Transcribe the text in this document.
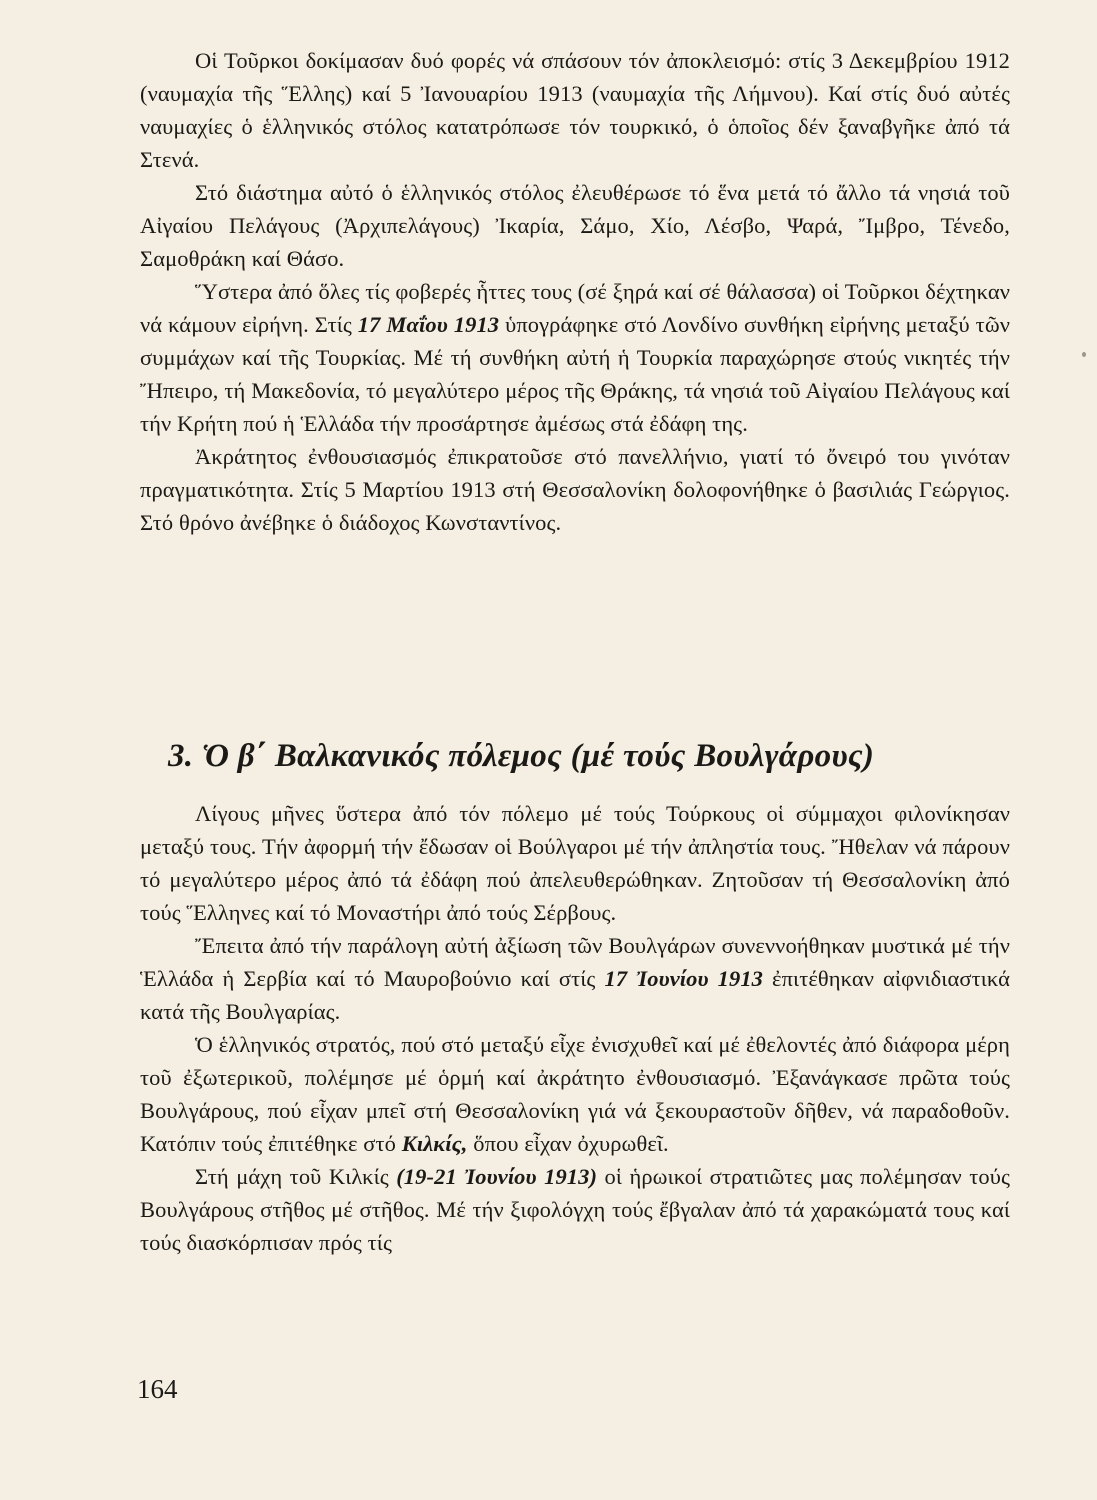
Οἱ Τοῦρκοι δοκίμασαν δυό φορές νά σπάσουν τόν ἀποκλεισμό: στίς 3 Δεκεμβρίου 1912 (ναυμαχία τῆς Ἕλλης) καί 5 Ἰανουαρίου 1913 (ναυμαχία τῆς Λήμνου). Καί στίς δυό αὐτές ναυμαχίες ὁ ἑλληνικός στόλος κατατρόπωσε τόν τουρκικό, ὁ ὁποῖος δέν ξαναβγῆκε ἀπό τά Στενά.

Στό διάστημα αὐτό ὁ ἑλληνικός στόλος ἐλευθέρωσε τό ἕνα μετά τό ἄλλο τά νησιά τοῦ Αἰγαίου Πελάγους (Ἀρχιπελάγους) Ἰκαρία, Σάμο, Χίο, Λέσβο, Ψαρά, Ἴμβρο, Τένεδο, Σαμοθράκη καί Θάσο.

Ὕστερα ἀπό ὅλες τίς φοβερές ἧττες τους (σέ ξηρά καί σέ θάλασσα) οἱ Τοῦρκοι δέχτηκαν νά κάμουν εἰρήνη. Στίς 17 Μαΐου 1913 ὑπογράφηκε στό Λονδίνο συνθήκη εἰρήνης μεταξύ τῶν συμμάχων καί τῆς Τουρκίας. Μέ τή συνθήκη αὐτή ἡ Τουρκία παραχώρησε στούς νικητές τήν Ἤπειρο, τή Μακεδονία, τό μεγαλύτερο μέρος τῆς Θράκης, τά νησιά τοῦ Αἰγαίου Πελάγους καί τήν Κρήτη πού ἡ Ἑλλάδα τήν προσάρτησε ἀμέσως στά ἐδάφη της.

Ἀκράτητος ἐνθουσιασμός ἐπικρατοῦσε στό πανελλήνιο, γιατί τό ὄνειρό του γινόταν πραγματικότητα. Στίς 5 Μαρτίου 1913 στή Θεσσαλονίκη δολοφονήθηκε ὁ βασιλιάς Γεώργιος. Στό θρόνο ἀνέβηκε ὁ διάδοχος Κωνσταντίνος.

3. Ὁ β΄ Βαλκανικός πόλεμος (μέ τούς Βουλγάρους)

Λίγους μῆνες ὕστερα ἀπό τόν πόλεμο μέ τούς Τούρκους οἱ σύμμαχοι φιλονίκησαν μεταξύ τους. Τήν ἀφορμή τήν ἔδωσαν οἱ Βούλγαροι μέ τήν ἀπληστία τους. Ἤθελαν νά πάρουν τό μεγαλύτερο μέρος ἀπό τά ἐδάφη πού ἀπελευθερώθηκαν. Ζητοῦσαν τή Θεσσαλονίκη ἀπό τούς Ἕλληνες καί τό Μοναστήρι ἀπό τούς Σέρβους.

Ἔπειτα ἀπό τήν παράλογη αὐτή ἀξίωση τῶν Βουλγάρων συνεννοήθηκαν μυστικά μέ τήν Ἑλλάδα ἡ Σερβία καί τό Μαυροβούνιο καί στίς 17 Ἰουνίου 1913 ἐπιτέθηκαν αἰφνιδιαστικά κατά τῆς Βουλγαρίας.

Ὁ ἑλληνικός στρατός, πού στό μεταξύ εἶχε ἐνισχυθεῖ καί μέ ἐθελοντές ἀπό διάφορα μέρη τοῦ ἐξωτερικοῦ, πολέμησε μέ ὁρμή καί ἀκράτητο ἐνθουσιασμό. Ἐξανάγκασε πρῶτα τούς Βουλγάρους, πού εἶχαν μπεῖ στή Θεσσαλονίκη γιά νά ξεκουραστοῦν δῆθεν, νά παραδοθοῦν. Κατόπιν τούς ἐπιτέθηκε στό Κιλκίς, ὅπου εἶχαν ὀχυρωθεῖ.

Στή μάχη τοῦ Κιλκίς (19-21 Ἰουνίου 1913) οἱ ἡρωικοί στρατιῶτες μας πολέμησαν τούς Βουλγάρους στῆθος μέ στῆθος. Μέ τήν ξιφολόγχη τούς ἔβγαλαν ἀπό τά χαρακώματά τους καί τούς διασκόρπισαν πρός τίς

164
